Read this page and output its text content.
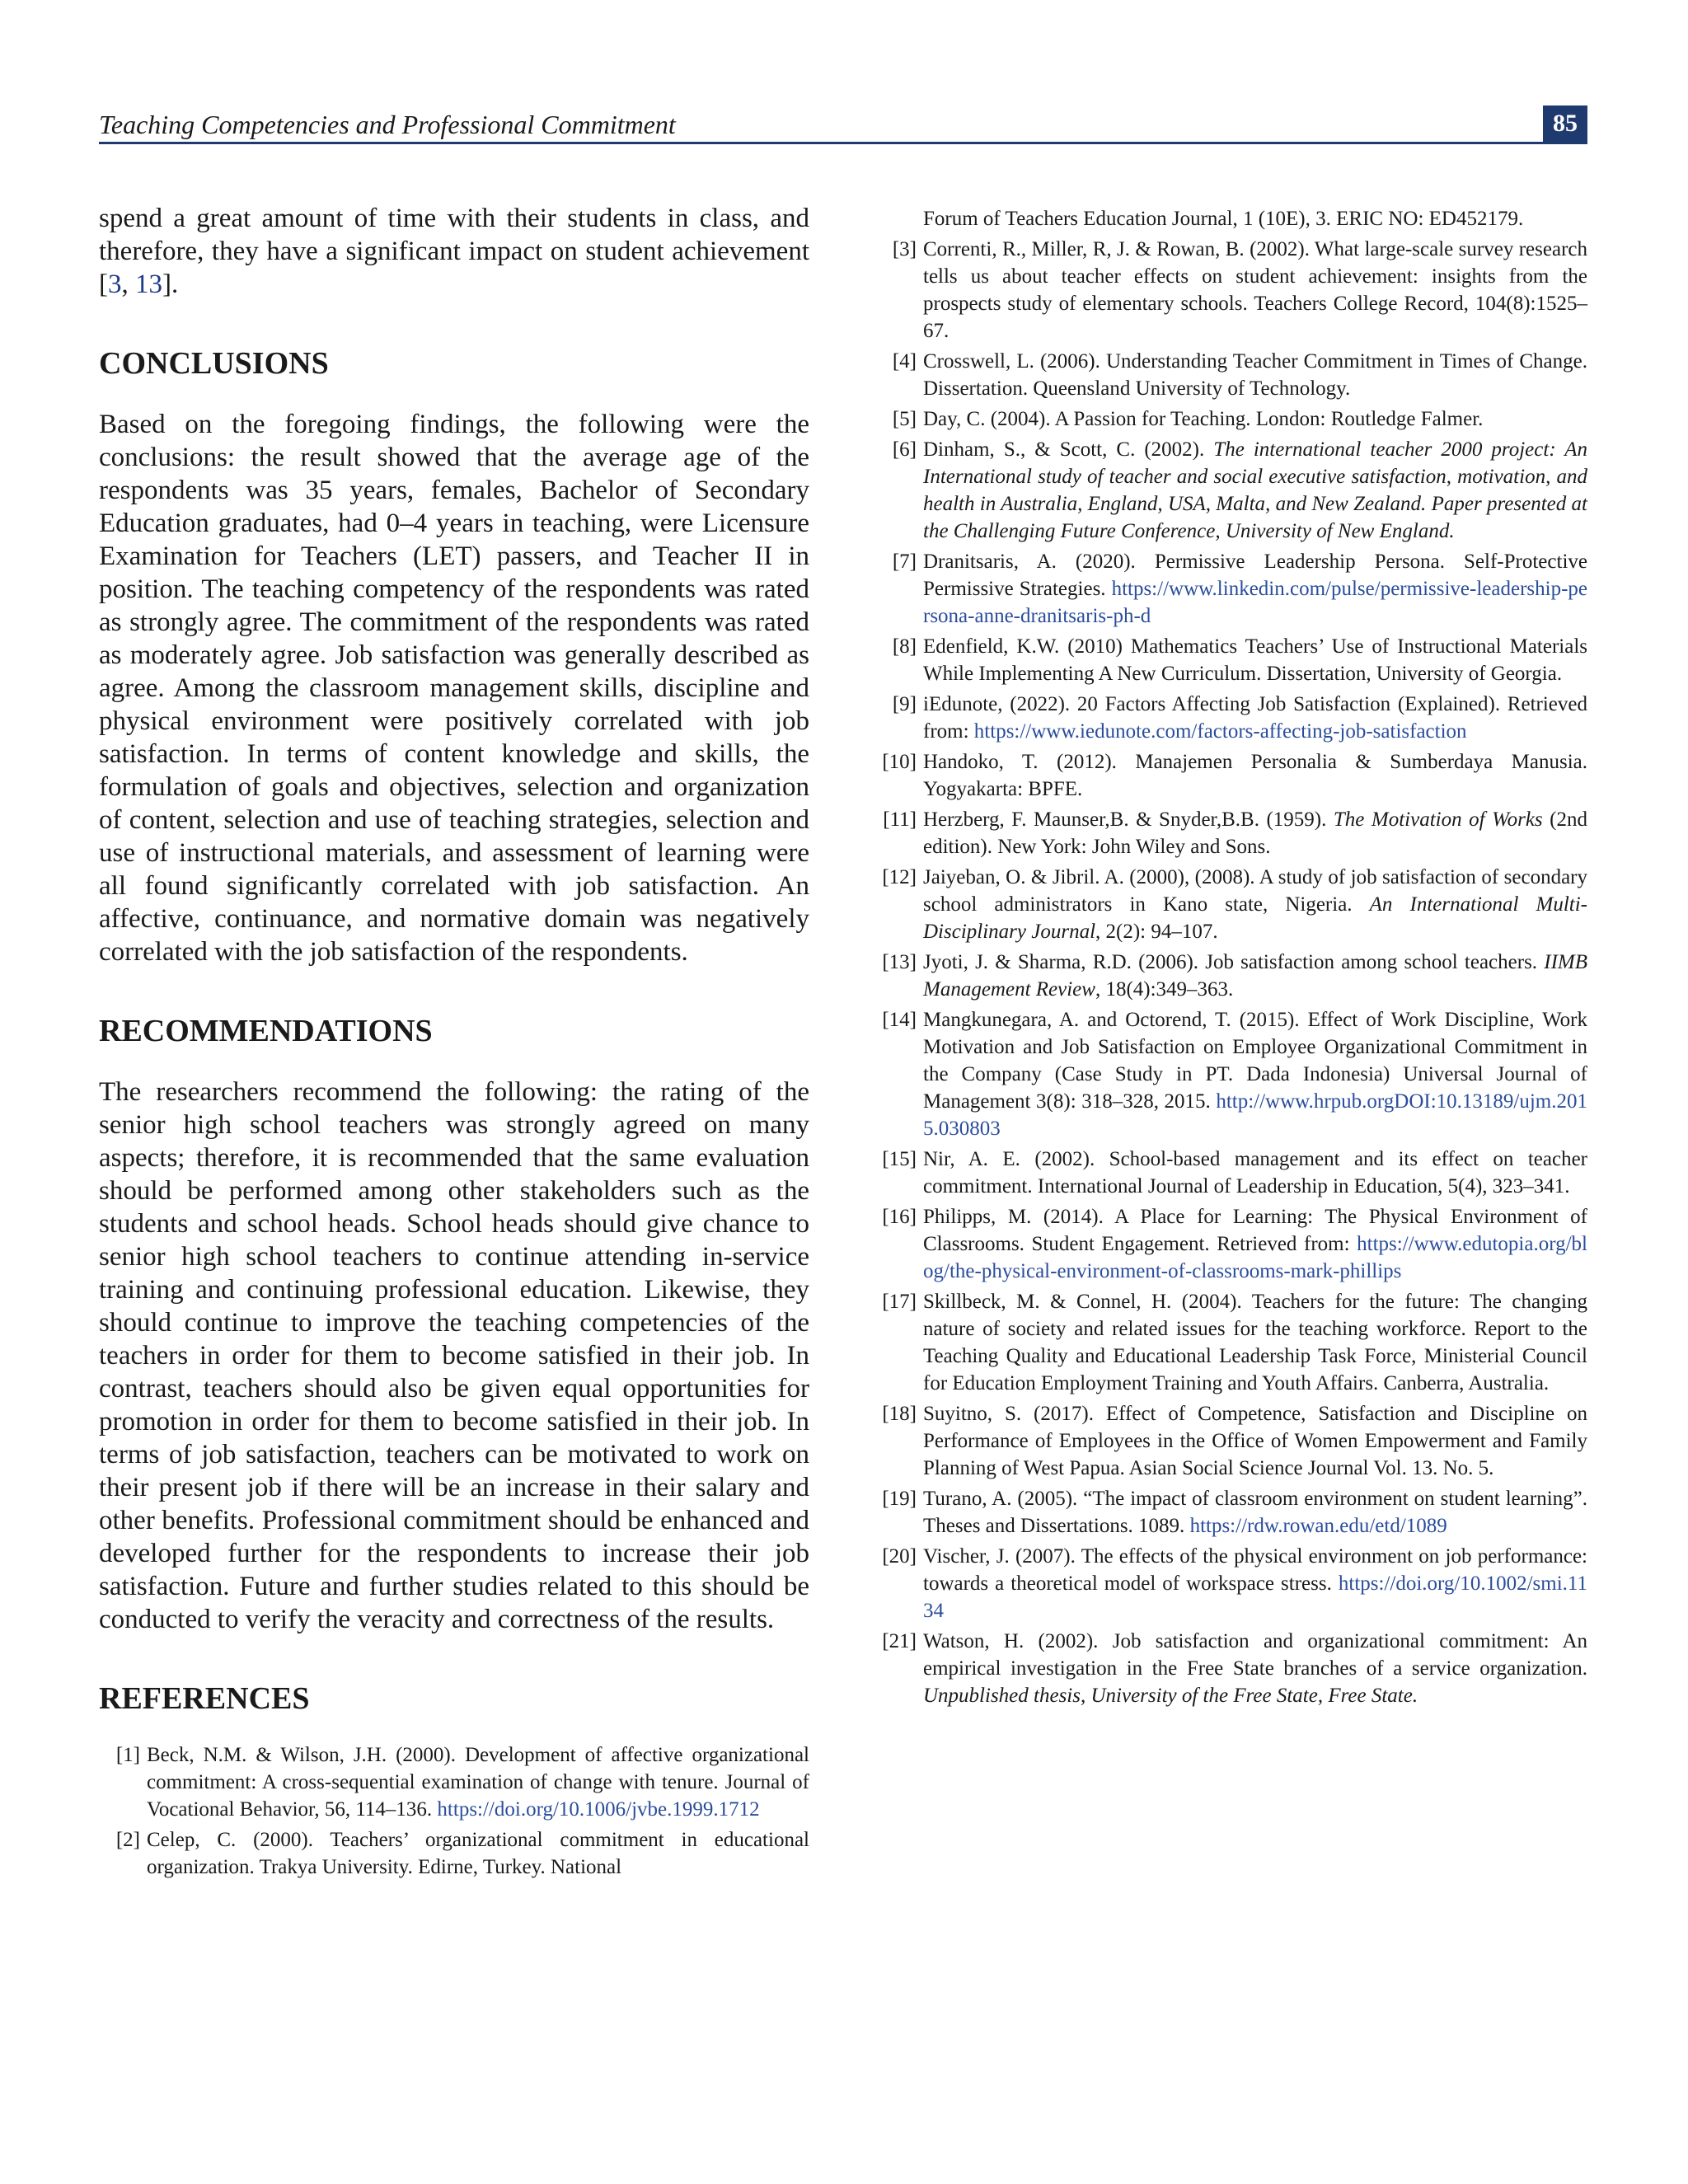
Teaching Competencies and Professional Commitment	85

spend a great amount of time with their students in class, and therefore, they have a significant impact on student achievement [3, 13].

CONCLUSIONS

Based on the foregoing findings, the following were the conclusions: the result showed that the average age of the respondents was 35 years, females, Bachelor of Secondary Education graduates, had 0–4 years in teaching, were Licensure Examination for Teachers (LET) passers, and Teacher II in position. The teaching competency of the respondents was rated as strongly agree. The commitment of the respondents was rated as moderately agree. Job satisfaction was generally described as agree. Among the classroom management skills, discipline and physical environment were positively correlated with job satisfaction. In terms of content knowledge and skills, the formulation of goals and objectives, selection and organization of content, selection and use of teaching strategies, selection and use of instructional materials, and assessment of learning were all found significantly correlated with job satisfaction. An affective, continuance, and normative domain was negatively correlated with the job satisfaction of the respondents.

RECOMMENDATIONS

The researchers recommend the following: the rating of the senior high school teachers was strongly agreed on many aspects; therefore, it is recommended that the same evaluation should be performed among other stakeholders such as the students and school heads. School heads should give chance to senior high school teachers to continue attending in-service training and continuing professional education. Likewise, they should continue to improve the teaching competencies of the teachers in order for them to become satisfied in their job. In contrast, teachers should also be given equal opportunities for promotion in order for them to become satisfied in their job. In terms of job satisfaction, teachers can be motivated to work on their present job if there will be an increase in their salary and other benefits. Professional commitment should be enhanced and developed further for the respondents to increase their job satisfaction. Future and further studies related to this should be conducted to verify the veracity and correctness of the results.

REFERENCES
[1] Beck, N.M. & Wilson, J.H. (2000). Development of affective organizational commitment: A cross-sequential examination of change with tenure. Journal of Vocational Behavior, 56, 114–136. https://doi.org/10.1006/jvbe.1999.1712
[2] Celep, C. (2000). Teachers’ organizational commitment in educational organization. Trakya University. Edirne, Turkey. National
Forum of Teachers Education Journal, 1 (10E), 3. ERIC NO: ED452179.
[3] Correnti, R., Miller, R, J. & Rowan, B. (2002). What large-scale survey research tells us about teacher effects on student achievement: insights from the prospects study of elementary schools. Teachers College Record, 104(8):1525–67.
[4] Crosswell, L. (2006). Understanding Teacher Commitment in Times of Change. Dissertation. Queensland University of Technology.
[5] Day, C. (2004). A Passion for Teaching. London: Routledge Falmer.
[6] Dinham, S., & Scott, C. (2002). The international teacher 2000 project: An International study of teacher and social executive satisfaction, motivation, and health in Australia, England, USA, Malta, and New Zealand. Paper presented at the Challenging Future Conference, University of New England.
[7] Dranitsaris, A. (2020). Permissive Leadership Persona. Self-Protective Permissive Strategies. https://www.linkedin.com/pulse/permissive-leadership-persona-anne-dranitsaris-ph-d
[8] Edenfield, K.W. (2010) Mathematics Teachers’ Use of Instructional Materials While Implementing A New Curriculum. Dissertation, University of Georgia.
[9] iEdunote, (2022). 20 Factors Affecting Job Satisfaction (Explained). Retrieved from: https://www.iedunote.com/factors-affecting-job-satisfaction
[10] Handoko, T. (2012). Manajemen Personalia & Sumberdaya Manusia. Yogyakarta: BPFE.
[11] Herzberg, F. Maunser,B. & Snyder,B.B. (1959). The Motivation of Works (2nd edition). New York: John Wiley and Sons.
[12] Jaiyeban, O. & Jibril. A. (2000), (2008). A study of job satisfaction of secondary school administrators in Kano state, Nigeria. An International Multi-Disciplinary Journal, 2(2): 94–107.
[13] Jyoti, J. & Sharma, R.D. (2006). Job satisfaction among school teachers. IIMB Management Review, 18(4):349–363.
[14] Mangkunegara, A. and Octorend, T. (2015). Effect of Work Discipline, Work Motivation and Job Satisfaction on Employee Organizational Commitment in the Company (Case Study in PT. Dada Indonesia) Universal Journal of Management 3(8): 318–328, 2015. http://www.hrpub.orgDOI:10.13189/ujm.2015.030803
[15] Nir, A. E. (2002). School-based management and its effect on teacher commitment. International Journal of Leadership in Education, 5(4), 323–341.
[16] Philipps, M. (2014). A Place for Learning: The Physical Environment of Classrooms. Student Engagement. Retrieved from: https://www.edutopia.org/blog/the-physical-environment-of-classrooms-mark-phillips
[17] Skillbeck, M. & Connel, H. (2004). Teachers for the future: The changing nature of society and related issues for the teaching workforce. Report to the Teaching Quality and Educational Leadership Task Force, Ministerial Council for Education Employment Training and Youth Affairs. Canberra, Australia.
[18] Suyitno, S. (2017). Effect of Competence, Satisfaction and Discipline on Performance of Employees in the Office of Women Empowerment and Family Planning of West Papua. Asian Social Science Journal Vol. 13. No. 5.
[19] Turano, A. (2005). “The impact of classroom environment on student learning”. Theses and Dissertations. 1089. https://rdw.rowan.edu/etd/1089
[20] Vischer, J. (2007). The effects of the physical environment on job performance: towards a theoretical model of workspace stress. https://doi.org/10.1002/smi.1134
[21] Watson, H. (2002). Job satisfaction and organizational commitment: An empirical investigation in the Free State branches of a service organization. Unpublished thesis, University of the Free State, Free State.
